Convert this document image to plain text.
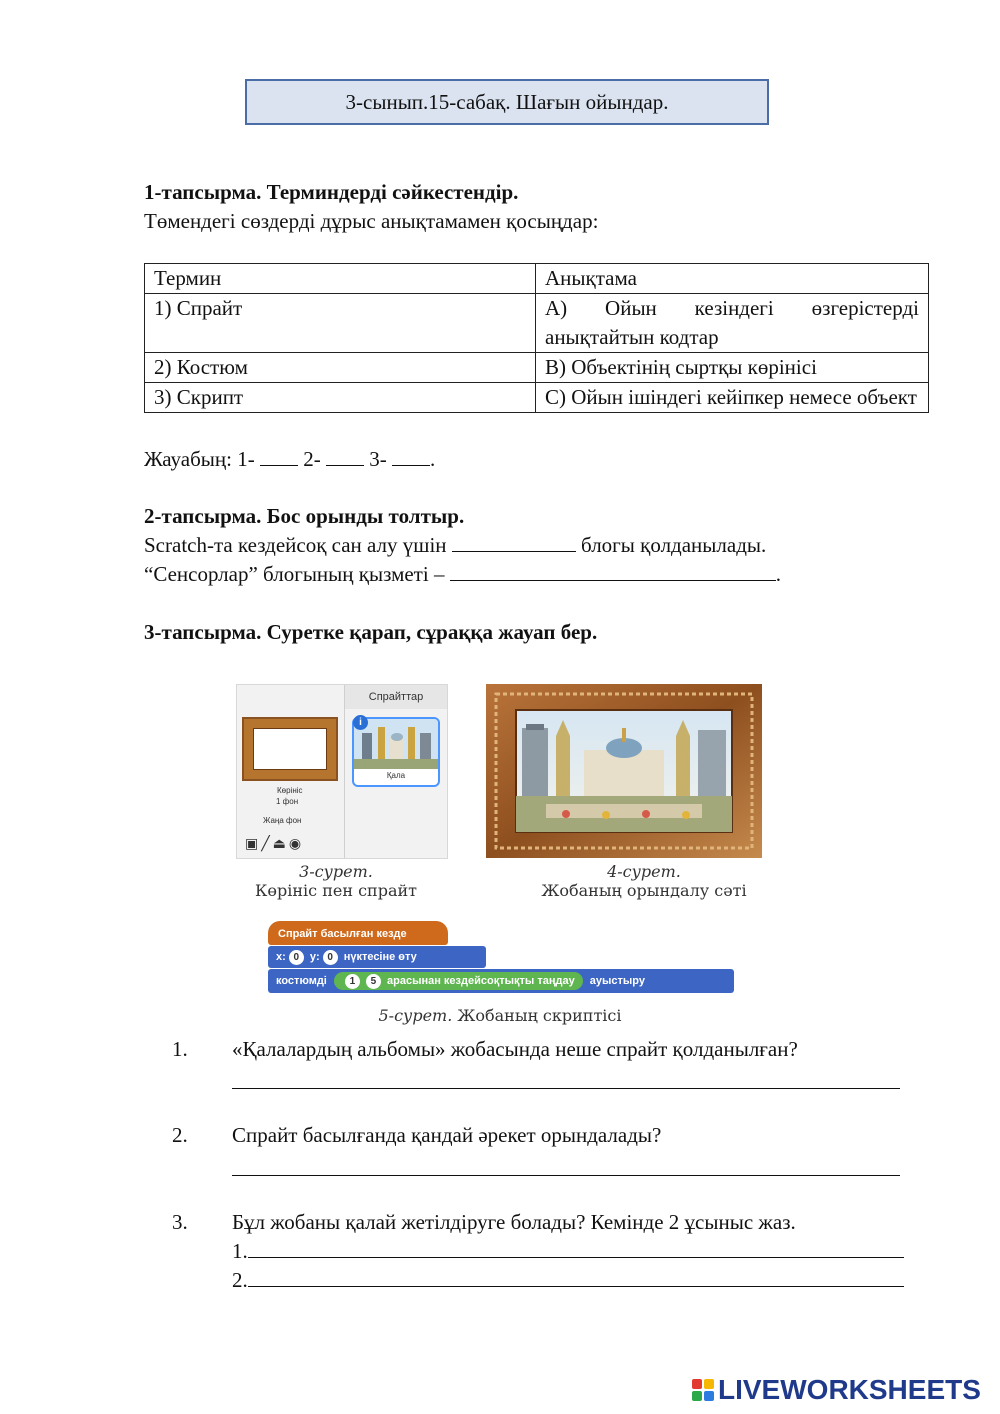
3-сынып.15-сабақ. Шағын ойындар.
1-тапсырма. Терминдерді сәйкестендір.
Төмендегі сөздерді дұрыс анықтамамен қосыңдар:
Термин	Анықтама
1) Спрайт	А) Ойын кезіндегі өзгерістерді анықтайтын кодтар
2) Костюм	В) Объектінің сыртқы көрінісі
3) Скрипт	С) Ойын ішіндегі кейіпкер немесе объект
Жауабың: 1- 2- 3- .
2-тапсырма. Бос орынды толтыр.
Scratch-та кездейсоқ сан алу үшін	блогы қолданылады.
“Сенсорлар” блогының қызметі –	.
3-тапсырма. Суретке қарап, сұраққа жауап бер.
Спрайттар
Көрініс
1 фон
Жаңа фон
▣╱⏏◉
Қала
i
3-сурет.
Көрініс пен спрайт
4-сурет.
Жобаның орындалу сәті
Спрайт басылған кезде
x: 0 y: 0 нүктесіне өту
костюмді 1 5 арасынан кездейсоқтықты таңдау ауыстыру
5-сурет. Жобаның скриптісі
1. «Қалалардың альбомы» жобасында неше спрайт қолданылған?
2. Спрайт басылғанда қандай әрекет орындалады?
3. Бұл жобаны қалай жетілдіруге болады? Кемінде 2 ұсыныс жаз.
1.
2.
LIVEWORKSHEETS
